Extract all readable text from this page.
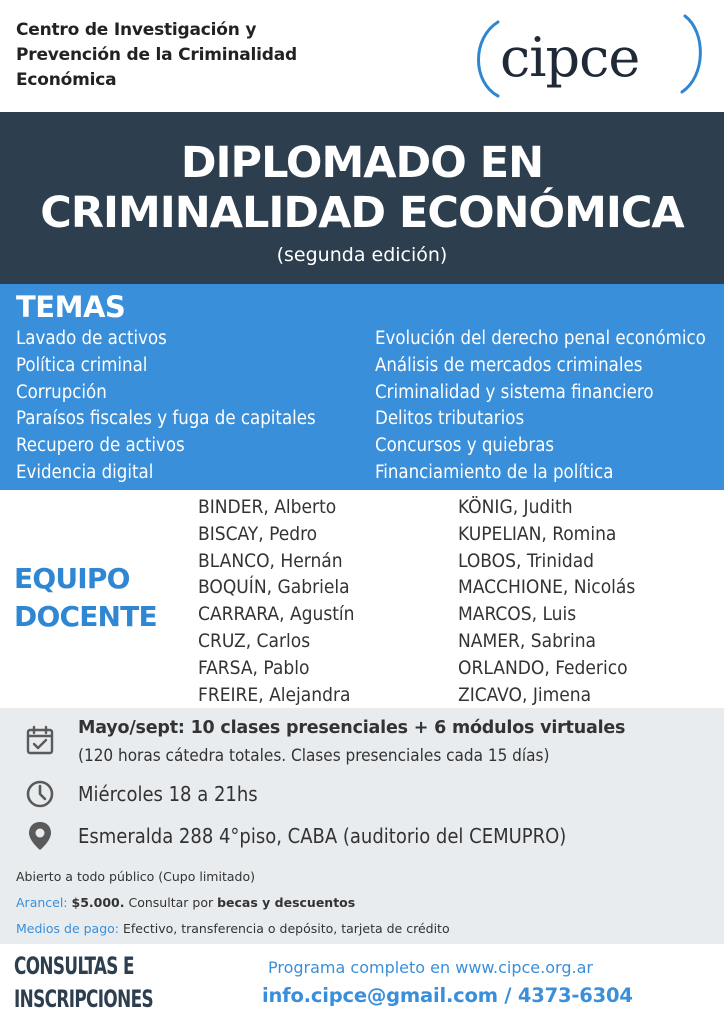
Centro de Investigación y
Prevención de la Criminalidad
Económica	cipce
DIPLOMADO EN
CRIMINALIDAD ECONÓMICA
(segunda edición)
TEMAS
Lavado de activos
Política criminal
Corrupción
Paraísos fiscales y fuga de capitales
Recupero de activos
Evidencia digital
Evolución del derecho penal económico
Análisis de mercados criminales
Criminalidad y sistema financiero
Delitos tributarios
Concursos y quiebras
Financiamiento de la política
EQUIPO
DOCENTE
BINDER, Alberto
BISCAY, Pedro
BLANCO, Hernán
BOQUÍN, Gabriela
CARRARA, Agustín
CRUZ, Carlos
FARSA, Pablo
FREIRE, Alejandra
KÖNIG, Judith
KUPELIAN, Romina
LOBOS, Trinidad
MACCHIONE, Nicolás
MARCOS, Luis
NAMER, Sabrina
ORLANDO, Federico
ZICAVO, Jimena
Mayo/sept: 10 clases presenciales + 6 módulos virtuales
(120 horas cátedra totales. Clases presenciales cada 15 días)
Miércoles 18 a 21hs
Esmeralda 288 4°piso, CABA (auditorio del CEMUPRO)
Abierto a todo público (Cupo limitado)
Arancel: $5.000. Consultar por becas y descuentos
Medios de pago: Efectivo, transferencia o depósito, tarjeta de crédito
CONSULTAS E
INSCRIPCIONES
Programa completo en www.cipce.org.ar
info.cipce@gmail.com / 4373-6304
